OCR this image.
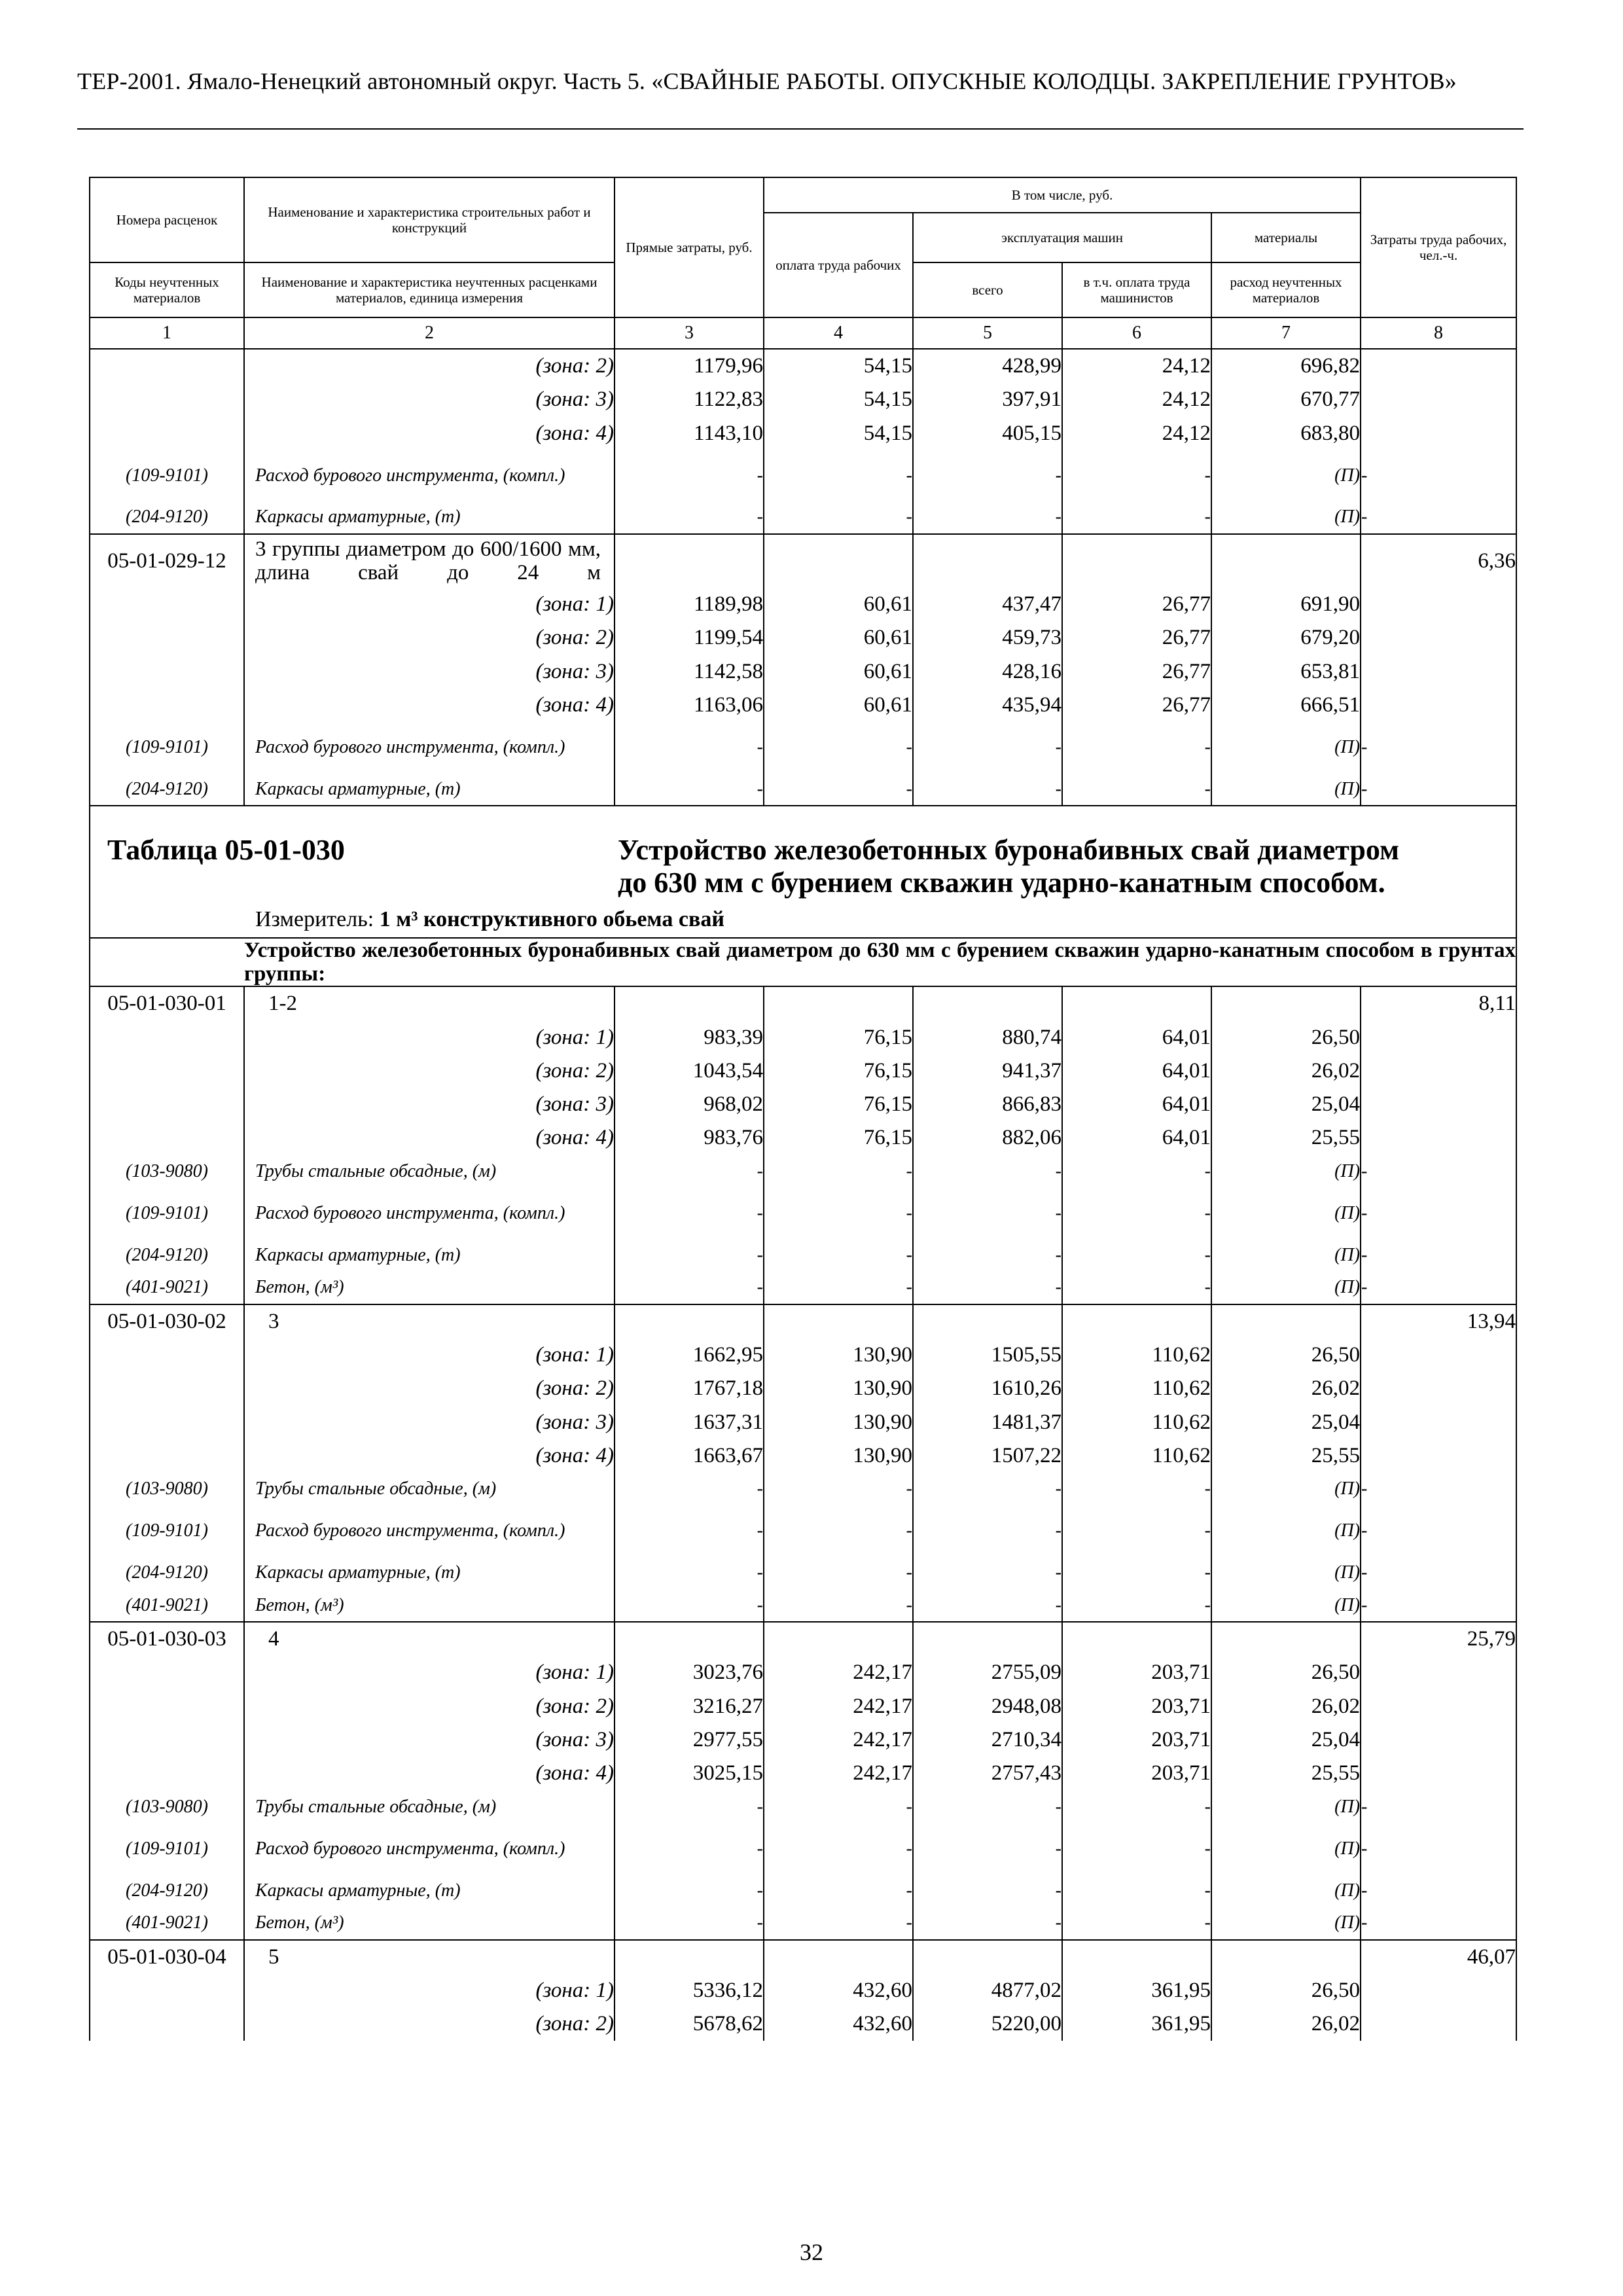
ТЕР-2001. Ямало-Ненецкий автономный округ. Часть 5. «СВАЙНЫЕ РАБОТЫ. ОПУСКНЫЕ КОЛОДЦЫ. ЗАКРЕПЛЕНИЕ ГРУНТОВ»
Номера расценок	Наименование и характеристика строительных работ и конструкций	Прямые затраты, руб.	В том числе, руб.				Затраты труда рабочих, чел.-ч.
			оплата труда рабочих	эксплуатация машин		материалы	
Коды неучтенных материалов	Наименование и характеристика неучтенных расценками материалов, единица измерения			всего	в т.ч. оплата труда машинистов	расход неучтенных материалов	
1	2	3	4	5	6	7	8
	(зона: 2)	1179,96	54,15	428,99	24,12	696,82	
	(зона: 3)	1122,83	54,15	397,91	24,12	670,77	
	(зона: 4)	1143,10	54,15	405,15	24,12	683,80	
(109-9101)	Расход бурового инструмента, (компл.)	-	-	-	-	(П)	-
(204-9120)	Каркасы арматурные, (т)	-	-	-	-	(П)	-
05-01-029-12	3 группы диаметром до 600/1600 мм, длина свай до 24 м						6,36
	(зона: 1)	1189,98	60,61	437,47	26,77	691,90	
	(зона: 2)	1199,54	60,61	459,73	26,77	679,20	
	(зона: 3)	1142,58	60,61	428,16	26,77	653,81	
	(зона: 4)	1163,06	60,61	435,94	26,77	666,51	
(109-9101)	Расход бурового инструмента, (компл.)	-	-	-	-	(П)	-
(204-9120)	Каркасы арматурные, (т)	-	-	-	-	(П)	-

Таблица 05-01-030 Устройство железобетонных буронабивных свай диаметром до 630 мм с бурением скважин ударно-канатным способом.
Измеритель: 1 м³ конструктивного обьема свай							

	Устройство железобетонных буронабивных свай диаметром до 630 мм с бурением скважин ударно-канатным способом в грунтах группы:						
05-01-030-01	1-2						8,11
	(зона: 1)	983,39	76,15	880,74	64,01	26,50	
	(зона: 2)	1043,54	76,15	941,37	64,01	26,02	
	(зона: 3)	968,02	76,15	866,83	64,01	25,04	
	(зона: 4)	983,76	76,15	882,06	64,01	25,55	
(103-9080)	Трубы стальные обсадные, (м)	-	-	-	-	(П)	-
(109-9101)	Расход бурового инструмента, (компл.)	-	-	-	-	(П)	-
(204-9120)	Каркасы арматурные, (т)	-	-	-	-	(П)	-
(401-9021)	Бетон, (м³)	-	-	-	-	(П)	-
05-01-030-02	3						13,94
	(зона: 1)	1662,95	130,90	1505,55	110,62	26,50	
	(зона: 2)	1767,18	130,90	1610,26	110,62	26,02	
	(зона: 3)	1637,31	130,90	1481,37	110,62	25,04	
	(зона: 4)	1663,67	130,90	1507,22	110,62	25,55	
(103-9080)	Трубы стальные обсадные, (м)	-	-	-	-	(П)	-
(109-9101)	Расход бурового инструмента, (компл.)	-	-	-	-	(П)	-
(204-9120)	Каркасы арматурные, (т)	-	-	-	-	(П)	-
(401-9021)	Бетон, (м³)	-	-	-	-	(П)	-
05-01-030-03	4						25,79
	(зона: 1)	3023,76	242,17	2755,09	203,71	26,50	
	(зона: 2)	3216,27	242,17	2948,08	203,71	26,02	
	(зона: 3)	2977,55	242,17	2710,34	203,71	25,04	
	(зона: 4)	3025,15	242,17	2757,43	203,71	25,55	
(103-9080)	Трубы стальные обсадные, (м)	-	-	-	-	(П)	-
(109-9101)	Расход бурового инструмента, (компл.)	-	-	-	-	(П)	-
(204-9120)	Каркасы арматурные, (т)	-	-	-	-	(П)	-
(401-9021)	Бетон, (м³)	-	-	-	-	(П)	-
05-01-030-04	5						46,07
	(зона: 1)	5336,12	432,60	4877,02	361,95	26,50	
	(зона: 2)	5678,62	432,60	5220,00	361,95	26,02	
32
